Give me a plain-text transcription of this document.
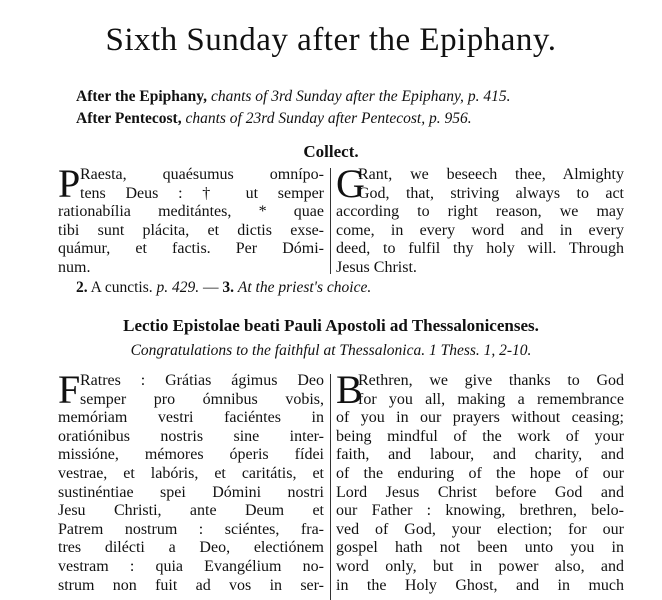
Sixth Sunday after the Epiphany.
After the Epiphany, chants of 3rd Sunday after the Epiphany, p. 415.
After Pentecost, chants of 23rd Sunday after Pentecost, p. 956.
Collect.
P Raesta, quaésumus omnípo-
tens Deus : † ut semper
rationabília meditántes, * quae
tibi sunt plácita, et dictis exse-
quámur, et factis. Per Dómi-
num.
G
Rant, we beseech thee, Almighty
God, that, striving always to act
according to right reason, we may
come, in every word and in every
deed, to fulfil thy holy will. Through
Jesus Christ.
2. A cunctis. p. 429. — 3. At the priest's choice.
Lectio Epistolae beati Pauli Apostoli ad Thessalonicenses.
Congratulations to the faithful at Thessalonica. 1 Thess. 1, 2-10.
F Ratres : Grátias ágimus Deo
semper pro ómnibus vobis,
memóriam vestri faciéntes in
oratiónibus nostris sine inter-
missióne, mémores óperis fídei
vestrae, et labóris, et caritátis, et
sustinéntiae spei Dómini nostri
Jesu Christi, ante Deum et
Patrem nostrum : sciéntes, fra-
tres dilécti a Deo, electiónem
vestram : quia Evangélium no-
strum non fuit ad vos in ser-
B
Rethren, we give thanks to God
for you all, making a remembrance
of you in our prayers without ceasing;
being mindful of the work of your
faith, and labour, and charity, and
of the enduring of the hope of our
Lord Jesus Christ before God and
our Father : knowing, brethren, belo-
ved of God, your election; for our
gospel hath not been unto you in
word only, but in power also, and
in the Holy Ghost, and in much
